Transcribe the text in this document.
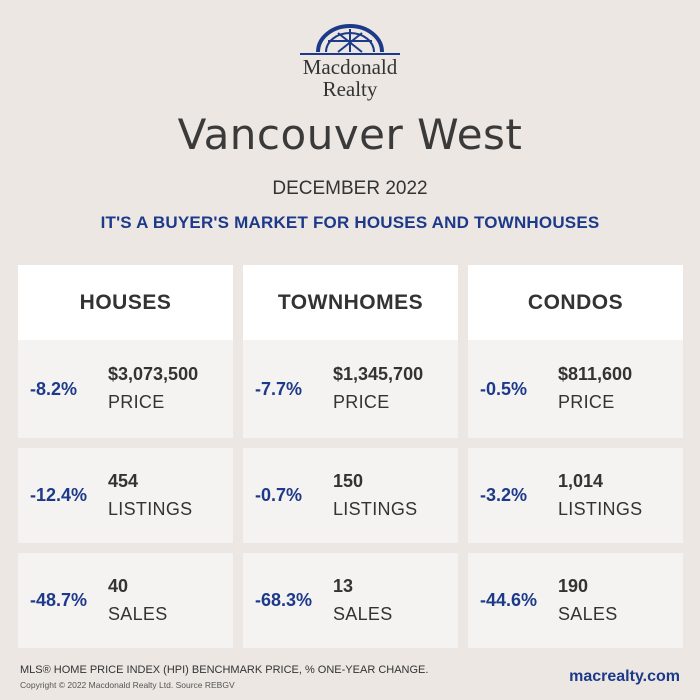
Macdonald
Realty
Vancouver West
DECEMBER 2022
IT'S A BUYER'S MARKET FOR HOUSES AND TOWNHOUSES
HOUSES
-8.2%
$3,073,500
PRICE
-12.4%
454
LISTINGS
-48.7%
40
SALES
TOWNHOMES
-7.7%
$1,345,700
PRICE
-0.7%
150
LISTINGS
-68.3%
13
SALES
CONDOS
-0.5%
$811,600
PRICE
-3.2%
1,014
LISTINGS
-44.6%
190
SALES
MLS® HOME PRICE INDEX (HPI) BENCHMARK PRICE, % ONE-YEAR CHANGE.
Copyright © 2022 Macdonald Realty Ltd. Source REBGV	macrealty.com
